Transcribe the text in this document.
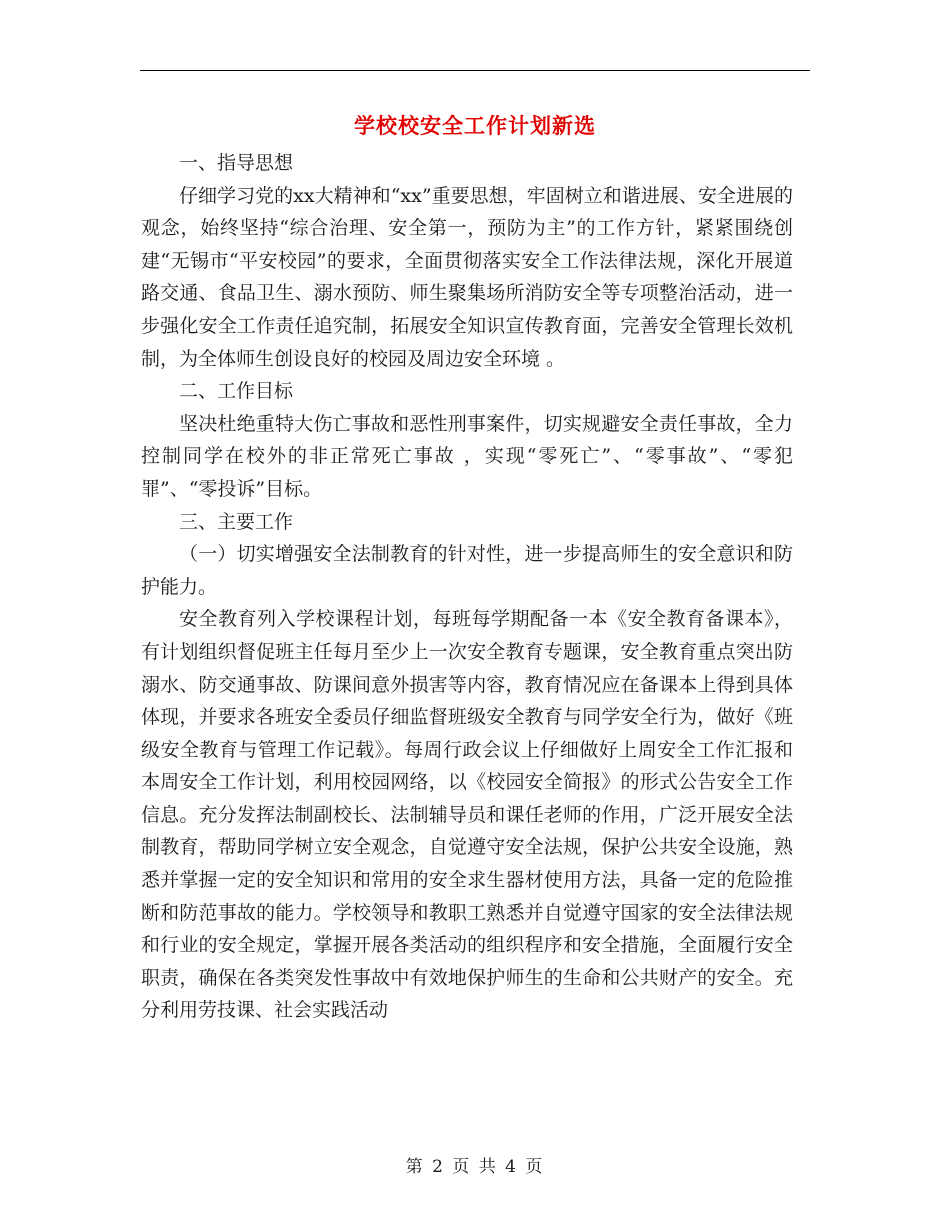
学校校安全工作计划新选

一、指导思想

仔细学习党的xx大精神和“xx”重要思想，牢固树立和谐进展、安全进展的观念，始终坚持“综合治理、安全第一，预防为主”的工作方针，紧紧围绕创建“无锡市“平安校园”的要求，全面贯彻落实安全工作法律法规，深化开展道路交通、食品卫生、溺水预防、师生聚集场所消防安全等专项整治活动，进一步强化安全工作责任追究制，拓展安全知识宣传教育面，完善安全管理长效机制，为全体师生创设良好的校园及周边安全环境 。

二、工作目标

坚决杜绝重特大伤亡事故和恶性刑事案件，切实规避安全责任事故，全力控制同学在校外的非正常死亡事故 ，实现“零死亡”、“零事故”、“零犯罪”、“零投诉”目标。

三、主要工作

（一）切实增强安全法制教育的针对性，进一步提高师生的安全意识和防护能力。

安全教育列入学校课程计划，每班每学期配备一本《安全教育备课本》，有计划组织督促班主任每月至少上一次安全教育专题课，安全教育重点突出防溺水、防交通事故、防课间意外损害等内容，教育情况应在备课本上得到具体体现，并要求各班安全委员仔细监督班级安全教育与同学安全行为，做好《班级安全教育与管理工作记载》。每周行政会议上仔细做好上周安全工作汇报和本周安全工作计划，利用校园网络，以《校园安全简报》的形式公告安全工作信息。充分发挥法制副校长、法制辅导员和课任老师的作用，广泛开展安全法制教育，帮助同学树立安全观念，自觉遵守安全法规，保护公共安全设施，熟悉并掌握一定的安全知识和常用的安全求生器材使用方法，具备一定的危险推断和防范事故的能力。学校领导和教职工熟悉并自觉遵守国家的安全法律法规和行业的安全规定，掌握开展各类活动的组织程序和安全措施，全面履行安全职责，确保在各类突发性事故中有效地保护师生的生命和公共财产的安全。充分利用劳技课、社会实践活动

第 2 页 共 4 页
